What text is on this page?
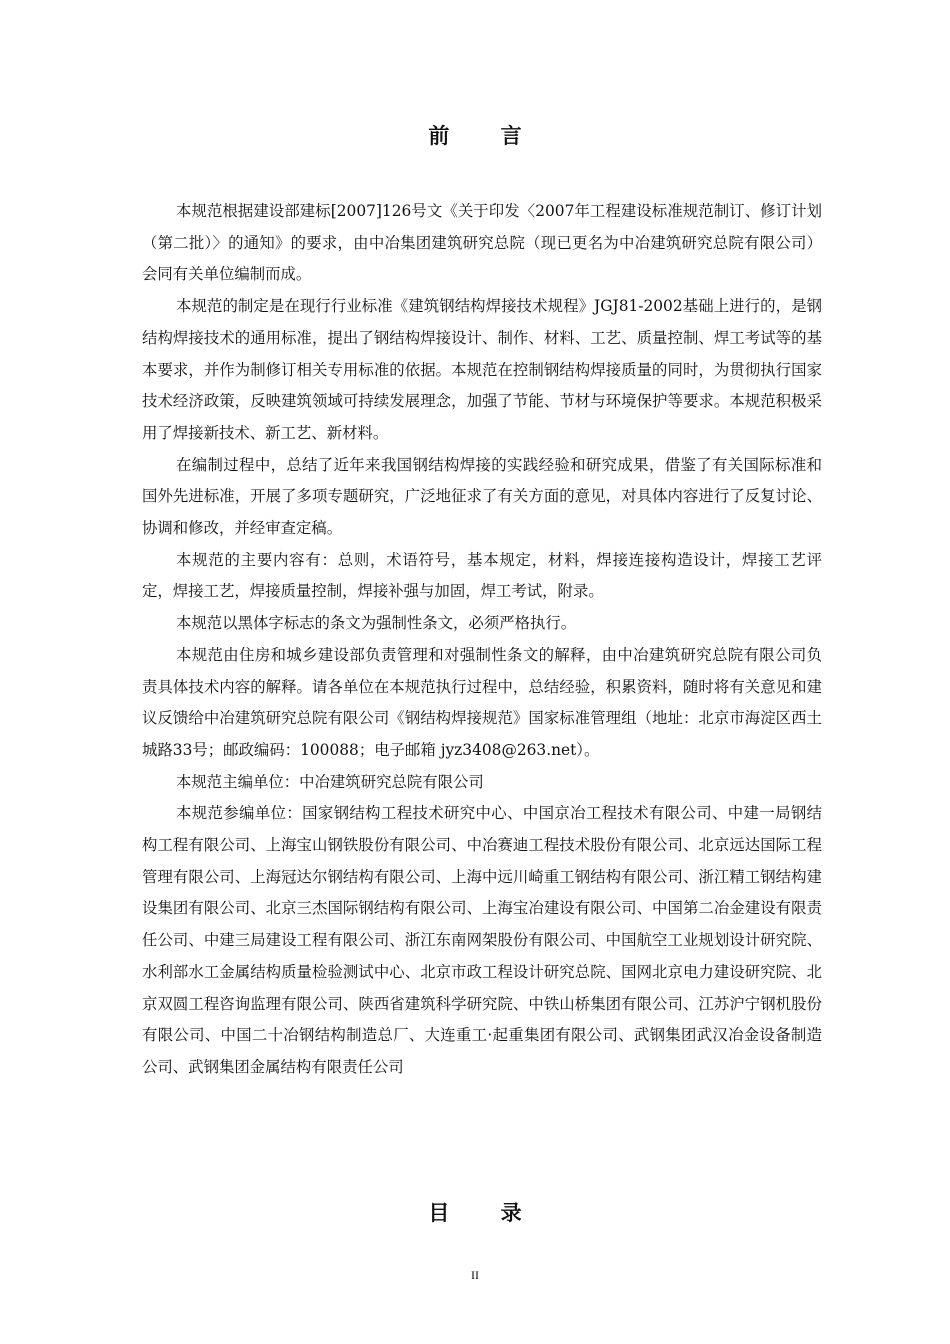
前 言

本规范根据建设部建标[2007]126号文《关于印发〈2007年工程建设标准规范制订、修订计划（第二批）〉的通知》的要求，由中冶集团建筑研究总院（现已更名为中冶建筑研究总院有限公司）会同有关单位编制而成。

本规范的制定是在现行行业标准《建筑钢结构焊接技术规程》JGJ81-2002基础上进行的，是钢结构焊接技术的通用标准，提出了钢结构焊接设计、制作、材料、工艺、质量控制、焊工考试等的基本要求，并作为制修订相关专用标准的依据。本规范在控制钢结构焊接质量的同时，为贯彻执行国家技术经济政策，反映建筑领域可持续发展理念，加强了节能、节材与环境保护等要求。本规范积极采用了焊接新技术、新工艺、新材料。

在编制过程中，总结了近年来我国钢结构焊接的实践经验和研究成果，借鉴了有关国际标准和国外先进标准，开展了多项专题研究，广泛地征求了有关方面的意见，对具体内容进行了反复讨论、协调和修改，并经审查定稿。

本规范的主要内容有：总则，术语符号，基本规定，材料，焊接连接构造设计，焊接工艺评定，焊接工艺，焊接质量控制，焊接补强与加固，焊工考试，附录。

本规范以黑体字标志的条文为强制性条文，必须严格执行。

本规范由住房和城乡建设部负责管理和对强制性条文的解释，由中冶建筑研究总院有限公司负责具体技术内容的解释。请各单位在本规范执行过程中，总结经验，积累资料，随时将有关意见和建议反馈给中冶建筑研究总院有限公司《钢结构焊接规范》国家标准管理组（地址：北京市海淀区西土城路33号；邮政编码：100088；电子邮箱 jyz3408@263.net）。

本规范主编单位：中冶建筑研究总院有限公司

本规范参编单位：国家钢结构工程技术研究中心、中国京冶工程技术有限公司、中建一局钢结构工程有限公司、上海宝山钢铁股份有限公司、中冶赛迪工程技术股份有限公司、北京远达国际工程管理有限公司、上海冠达尔钢结构有限公司、上海中远川崎重工钢结构有限公司、浙江精工钢结构建设集团有限公司、北京三杰国际钢结构有限公司、上海宝冶建设有限公司、中国第二冶金建设有限责任公司、中建三局建设工程有限公司、浙江东南网架股份有限公司、中国航空工业规划设计研究院、水利部水工金属结构质量检验测试中心、北京市政工程设计研究总院、国网北京电力建设研究院、北京双圆工程咨询监理有限公司、陕西省建筑科学研究院、中铁山桥集团有限公司、江苏沪宁钢机股份有限公司、中国二十冶钢结构制造总厂、大连重工·起重集团有限公司、武钢集团武汉冶金设备制造公司、武钢集团金属结构有限责任公司

目 录
II
